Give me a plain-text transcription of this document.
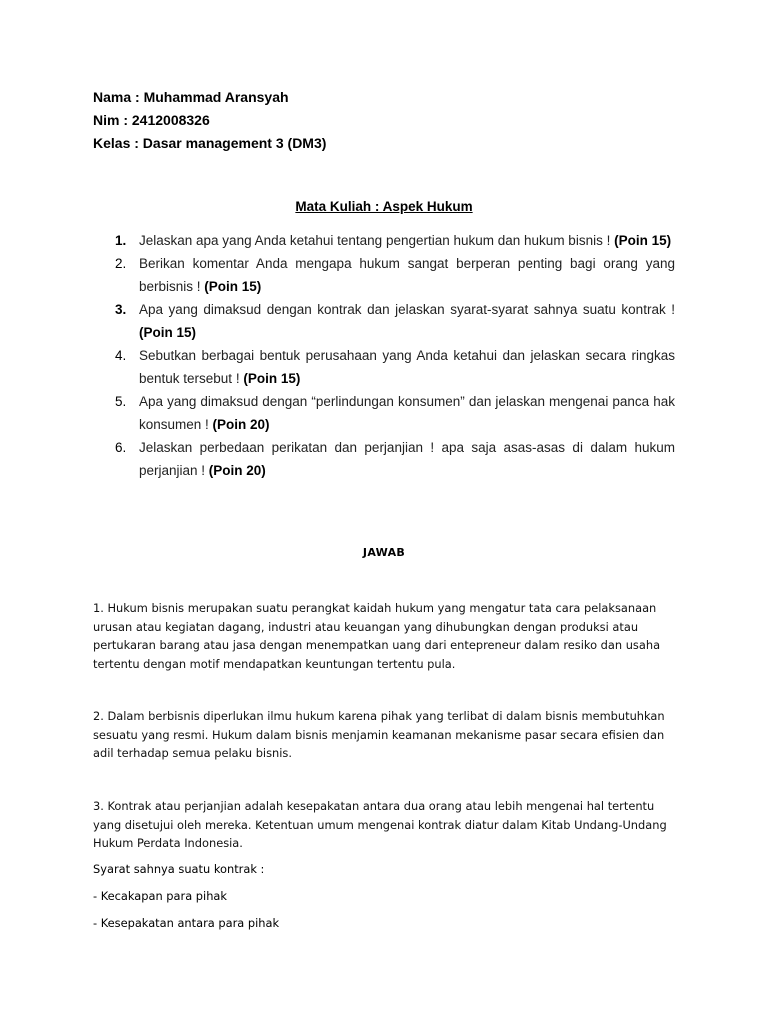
Nama : Muhammad Aransyah
Nim : 2412008326
Kelas : Dasar management 3 (DM3)
Mata Kuliah : Aspek Hukum
1. Jelaskan apa yang Anda ketahui tentang pengertian hukum dan hukum bisnis ! (Poin 15)
2. Berikan komentar Anda mengapa hukum sangat berperan penting bagi orang yang berbisnis ! (Poin 15)
3. Apa yang dimaksud dengan kontrak dan jelaskan syarat-syarat sahnya suatu kontrak ! (Poin 15)
4. Sebutkan berbagai bentuk perusahaan yang Anda ketahui dan jelaskan secara ringkas bentuk tersebut ! (Poin 15)
5. Apa yang dimaksud dengan “perlindungan konsumen” dan jelaskan mengenai panca hak konsumen ! (Poin 20)
6. Jelaskan perbedaan perikatan dan perjanjian ! apa saja asas-asas di dalam hukum perjanjian ! (Poin 20)
JAWAB
1. Hukum bisnis merupakan suatu perangkat kaidah hukum yang mengatur tata cara pelaksanaan urusan atau kegiatan dagang, industri atau keuangan yang dihubungkan dengan produksi atau pertukaran barang atau jasa dengan menempatkan uang dari entepreneur dalam resiko dan usaha tertentu dengan motif mendapatkan keuntungan tertentu pula.
2. Dalam berbisnis diperlukan ilmu hukum karena pihak yang terlibat di dalam bisnis membutuhkan sesuatu yang resmi. Hukum dalam bisnis menjamin keamanan mekanisme pasar secara efisien dan adil terhadap semua pelaku bisnis.
3. Kontrak atau perjanjian adalah kesepakatan antara dua orang atau lebih mengenai hal tertentu yang disetujui oleh mereka. Ketentuan umum mengenai kontrak diatur dalam Kitab Undang-Undang Hukum Perdata Indonesia.
Syarat sahnya suatu kontrak :
- Kecakapan para pihak
- Kesepakatan antara para pihak
